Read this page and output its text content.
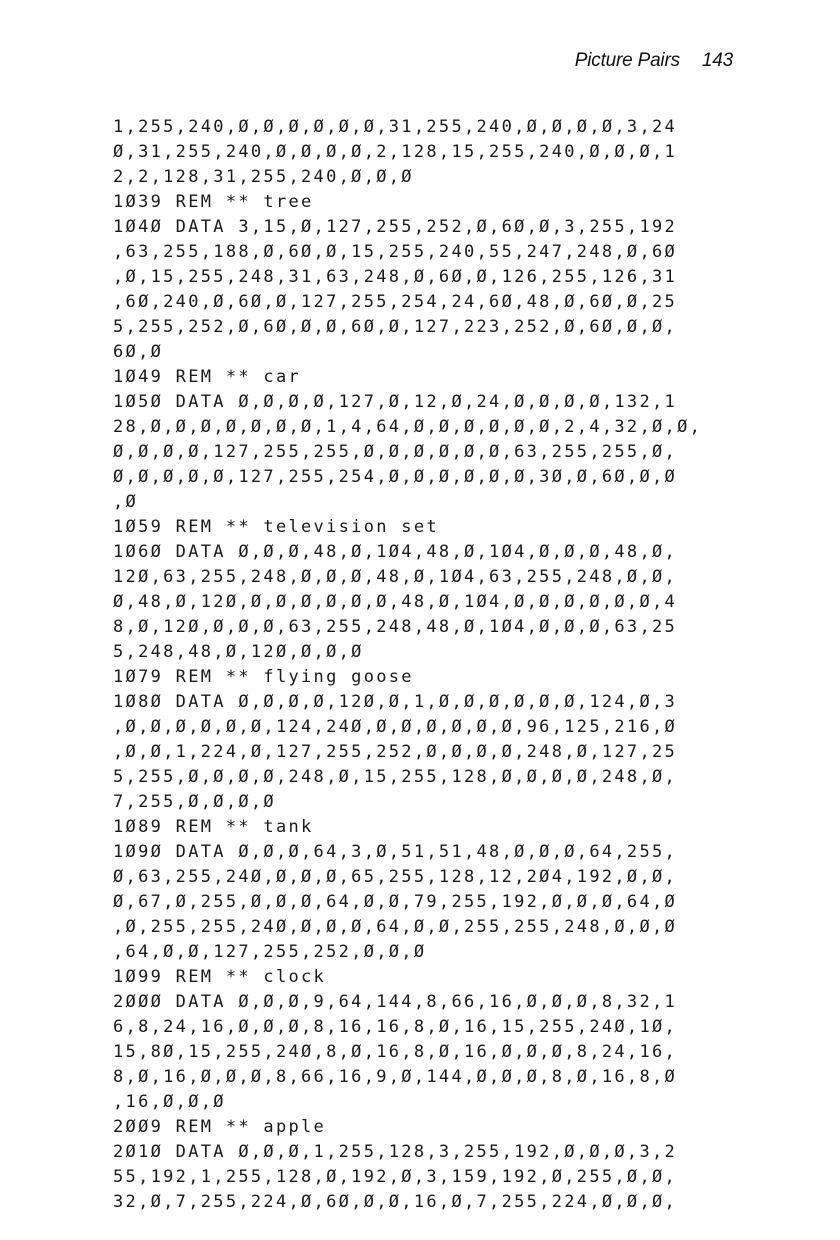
Picture Pairs 143
1,255,240,Ø,Ø,Ø,Ø,Ø,Ø,31,255,240,Ø,Ø,Ø,Ø,3,24
Ø,31,255,240,Ø,Ø,Ø,Ø,2,128,15,255,240,Ø,Ø,Ø,1
2,2,128,31,255,240,Ø,Ø,Ø
1Ø39 REM ** tree
1Ø4Ø DATA 3,15,Ø,127,255,252,Ø,6Ø,Ø,3,255,192
,63,255,188,Ø,6Ø,Ø,15,255,240,55,247,248,Ø,6Ø
,Ø,15,255,248,31,63,248,Ø,6Ø,Ø,126,255,126,31
,6Ø,240,Ø,6Ø,Ø,127,255,254,24,6Ø,48,Ø,6Ø,Ø,25
5,255,252,Ø,6Ø,Ø,Ø,6Ø,Ø,127,223,252,Ø,6Ø,Ø,Ø,
6Ø,Ø
1Ø49 REM ** car
1Ø5Ø DATA Ø,Ø,Ø,Ø,127,Ø,12,Ø,24,Ø,Ø,Ø,Ø,132,1
28,Ø,Ø,Ø,Ø,Ø,Ø,Ø,1,4,64,Ø,Ø,Ø,Ø,Ø,Ø,2,4,32,Ø,Ø,
Ø,Ø,Ø,Ø,127,255,255,Ø,Ø,Ø,Ø,Ø,Ø,63,255,255,Ø,
Ø,Ø,Ø,Ø,Ø,127,255,254,Ø,Ø,Ø,Ø,Ø,Ø,3Ø,Ø,6Ø,Ø,Ø
,Ø
1Ø59 REM ** television set
1Ø6Ø DATA Ø,Ø,Ø,48,Ø,1Ø4,48,Ø,1Ø4,Ø,Ø,Ø,48,Ø,
12Ø,63,255,248,Ø,Ø,Ø,48,Ø,1Ø4,63,255,248,Ø,Ø,
Ø,48,Ø,12Ø,Ø,Ø,Ø,Ø,Ø,Ø,48,Ø,1Ø4,Ø,Ø,Ø,Ø,Ø,Ø,4
8,Ø,12Ø,Ø,Ø,Ø,63,255,248,48,Ø,1Ø4,Ø,Ø,Ø,63,25
5,248,48,Ø,12Ø,Ø,Ø,Ø
1Ø79 REM ** flying goose
1Ø8Ø DATA Ø,Ø,Ø,Ø,12Ø,Ø,1,Ø,Ø,Ø,Ø,Ø,Ø,124,Ø,3
,Ø,Ø,Ø,Ø,Ø,Ø,124,24Ø,Ø,Ø,Ø,Ø,Ø,Ø,96,125,216,Ø
,Ø,Ø,1,224,Ø,127,255,252,Ø,Ø,Ø,Ø,248,Ø,127,25
5,255,Ø,Ø,Ø,Ø,248,Ø,15,255,128,Ø,Ø,Ø,Ø,248,Ø,
7,255,Ø,Ø,Ø,Ø
1Ø89 REM ** tank
1Ø9Ø DATA Ø,Ø,Ø,64,3,Ø,51,51,48,Ø,Ø,Ø,64,255,
Ø,63,255,24Ø,Ø,Ø,Ø,65,255,128,12,2Ø4,192,Ø,Ø,
Ø,67,Ø,255,Ø,Ø,Ø,64,Ø,Ø,79,255,192,Ø,Ø,Ø,64,Ø
,Ø,255,255,24Ø,Ø,Ø,Ø,64,Ø,Ø,255,255,248,Ø,Ø,Ø
,64,Ø,Ø,127,255,252,Ø,Ø,Ø
1Ø99 REM ** clock
2ØØØ DATA Ø,Ø,Ø,9,64,144,8,66,16,Ø,Ø,Ø,8,32,1
6,8,24,16,Ø,Ø,Ø,8,16,16,8,Ø,16,15,255,24Ø,1Ø,
15,8Ø,15,255,24Ø,8,Ø,16,8,Ø,16,Ø,Ø,Ø,8,24,16,
8,Ø,16,Ø,Ø,Ø,8,66,16,9,Ø,144,Ø,Ø,Ø,8,Ø,16,8,Ø
,16,Ø,Ø,Ø
2ØØ9 REM ** apple
2Ø1Ø DATA Ø,Ø,Ø,1,255,128,3,255,192,Ø,Ø,Ø,3,2
55,192,1,255,128,Ø,192,Ø,3,159,192,Ø,255,Ø,Ø,
32,Ø,7,255,224,Ø,6Ø,Ø,Ø,16,Ø,7,255,224,Ø,Ø,Ø,
